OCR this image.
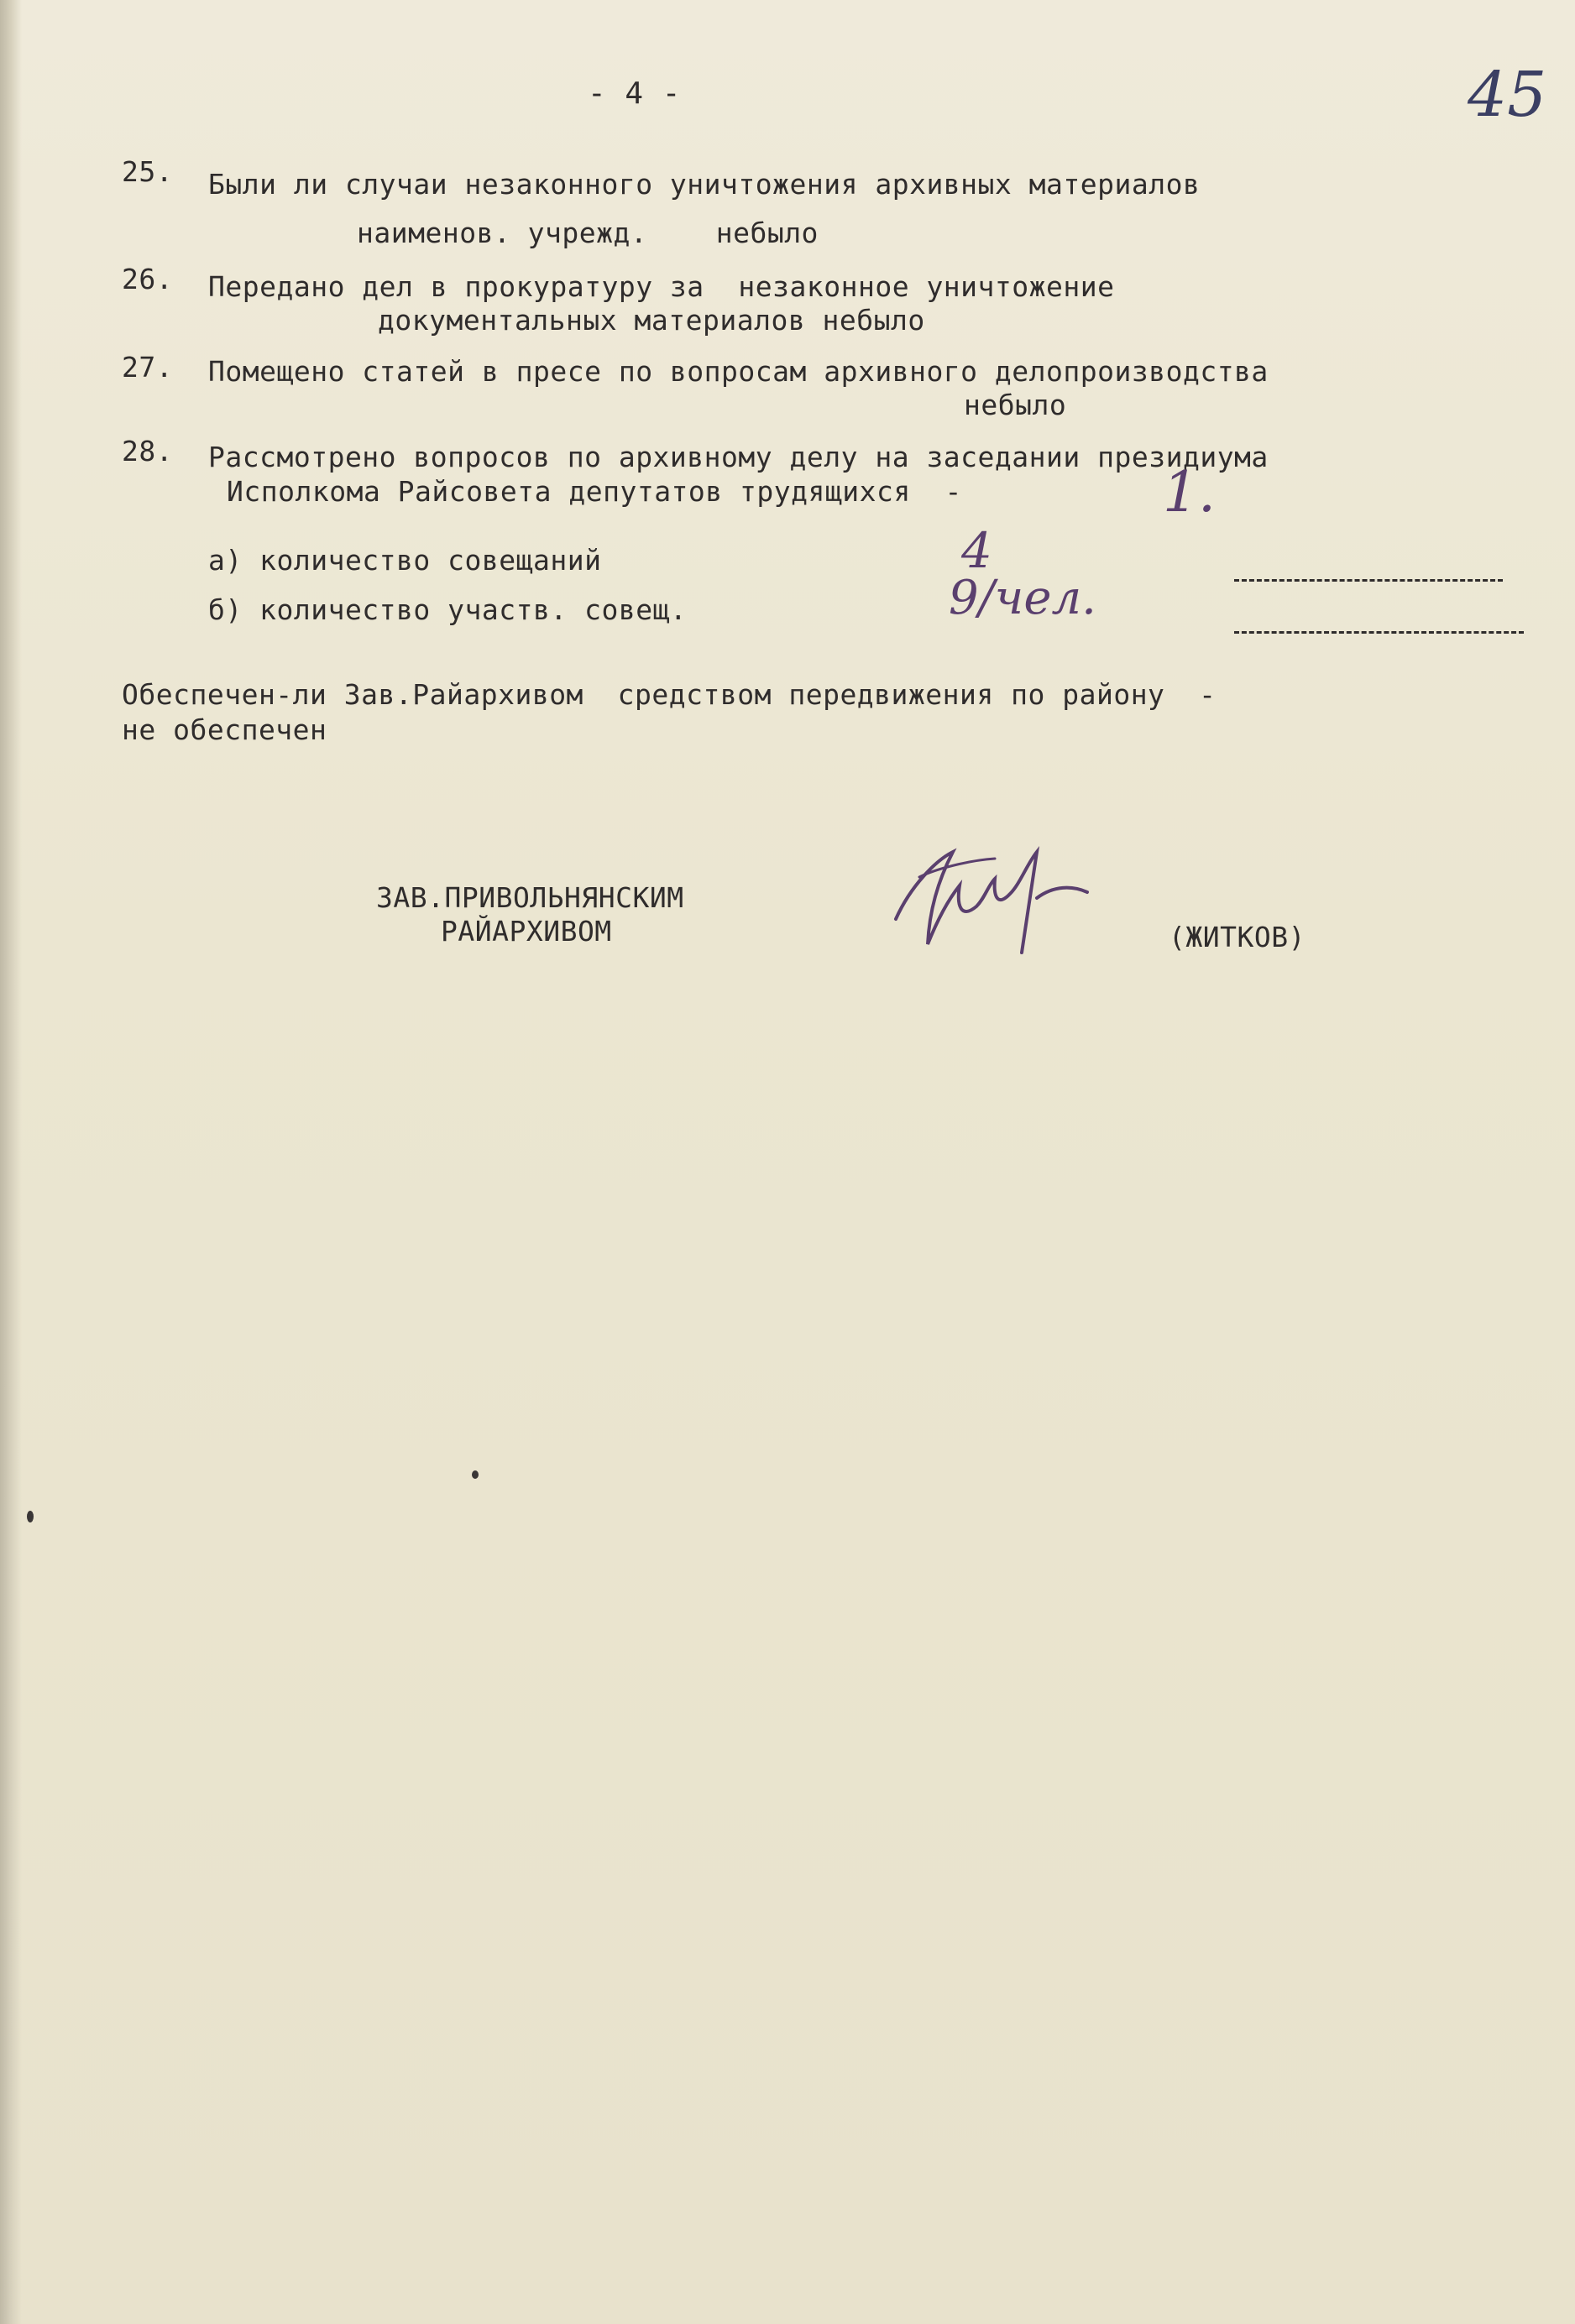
- 4 -	45
25. Были ли случаи незаконного уничтожения архивных материалов
наименов. учрежд.    небыло
26. Передано дел в прокуратуру за  незаконное уничтожение
документальных материалов небыло
27. Помещено статей в пресе по вопросам архивного делопроизводства
небыло
28. Рассмотрено вопросов по архивному делу на заседании президиума
Исполкома Райсовета депутатов трудящихся  -	1.
а) количество совещаний	4
б) количество участв. совещ.	9/чел.
Обеспечен-ли Зав.Райархивом  средством передвижения по району  -
не обеспечен
ЗАВ.ПРИВОЛЬНЯНСКИМ
РАЙАРХИВОМ	(ЖИТКОВ)
